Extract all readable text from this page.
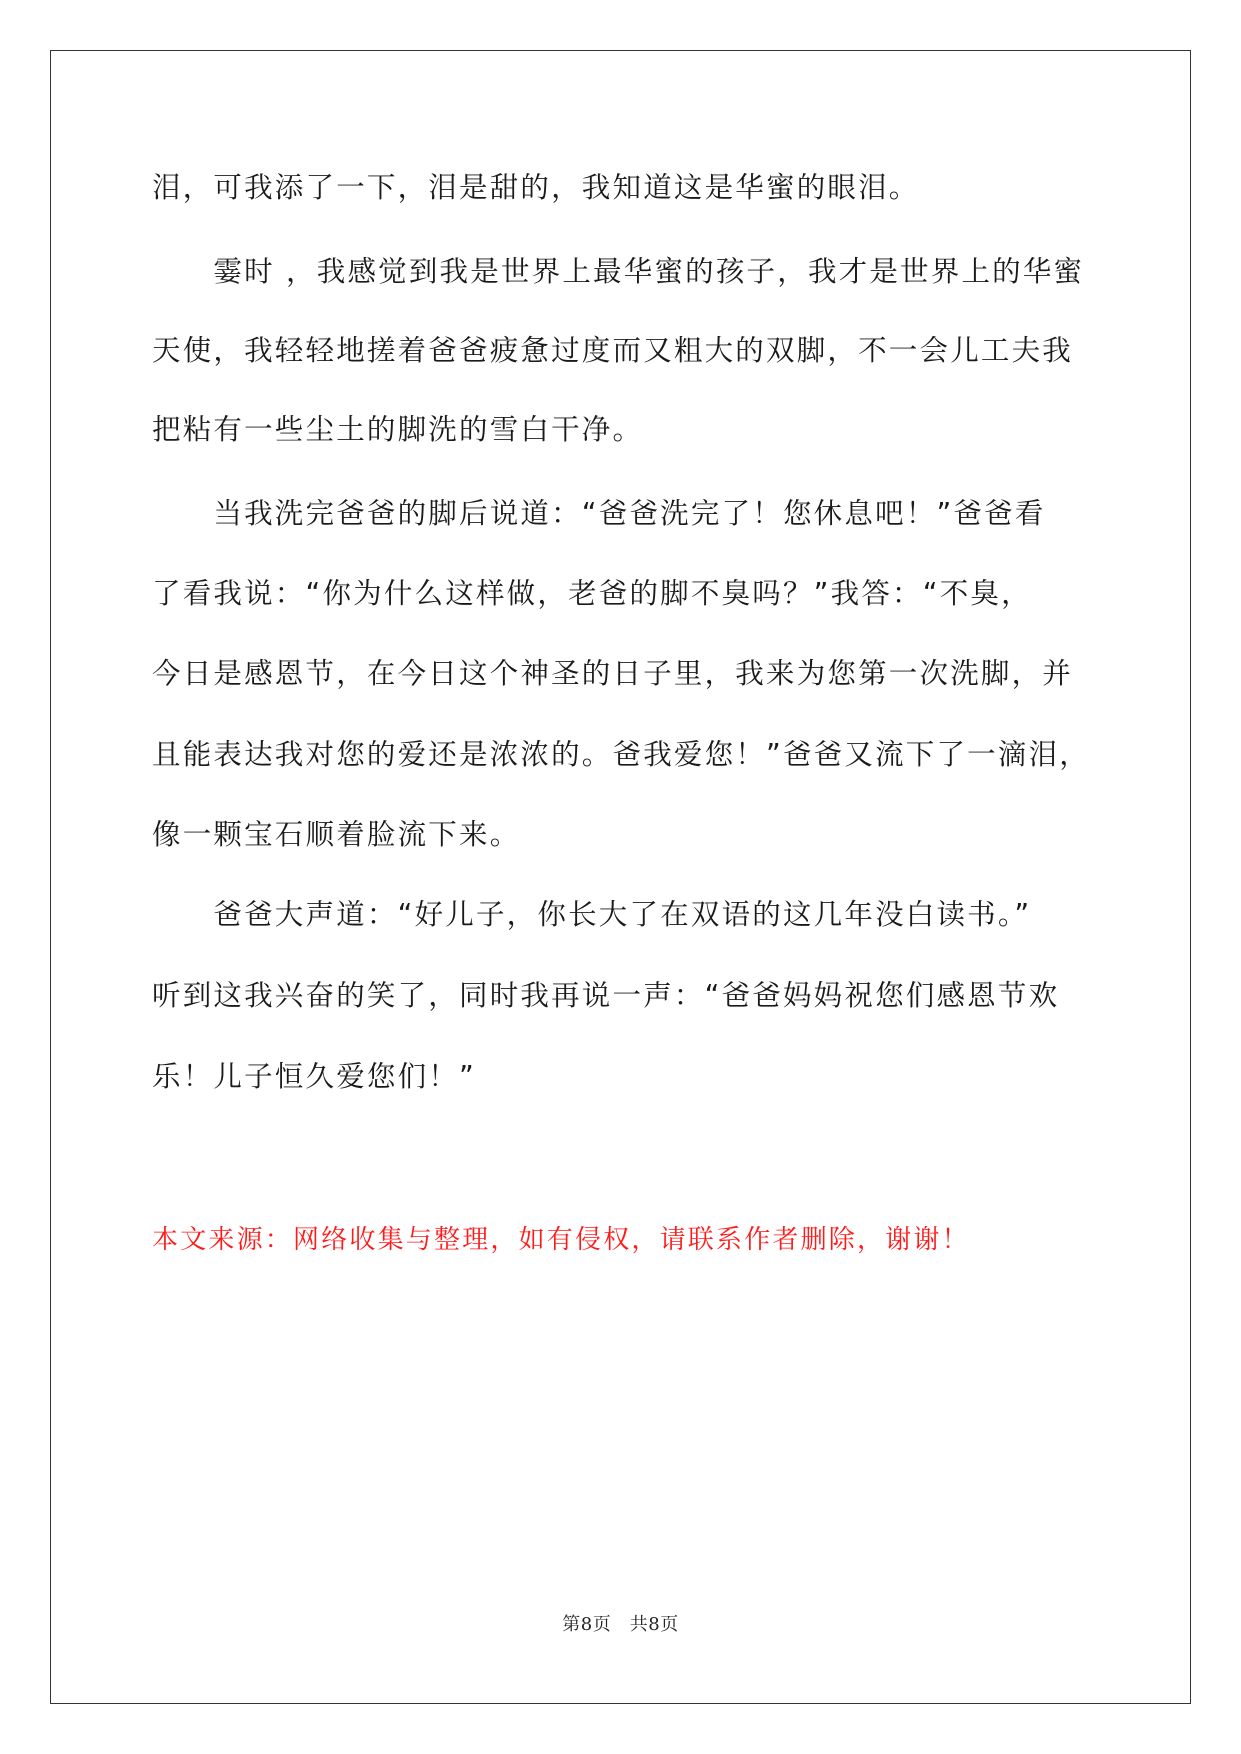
泪，可我添了一下，泪是甜的，我知道这是华蜜的眼泪。
　　霎时 ，我感觉到我是世界上最华蜜的孩子，我才是世界上的华蜜
天使，我轻轻地搓着爸爸疲惫过度而又粗大的双脚，不一会儿工夫我
把粘有一些尘土的脚洗的雪白干净。
　　当我洗完爸爸的脚后说道：“爸爸洗完了！您休息吧！”爸爸看
了看我说：“你为什么这样做，老爸的脚不臭吗？”我答：“不臭，
今日是感恩节，在今日这个神圣的日子里，我来为您第一次洗脚，并
且能表达我对您的爱还是浓浓的。爸我爱您！”爸爸又流下了一滴泪，
像一颗宝石顺着脸流下来。
　　爸爸大声道：“好儿子，你长大了在双语的这几年没白读书。”
听到这我兴奋的笑了，同时我再说一声：“爸爸妈妈祝您们感恩节欢
乐！儿子恒久爱您们！”
本文来源：网络收集与整理，如有侵权，请联系作者删除，谢谢！
第8页　共8页
